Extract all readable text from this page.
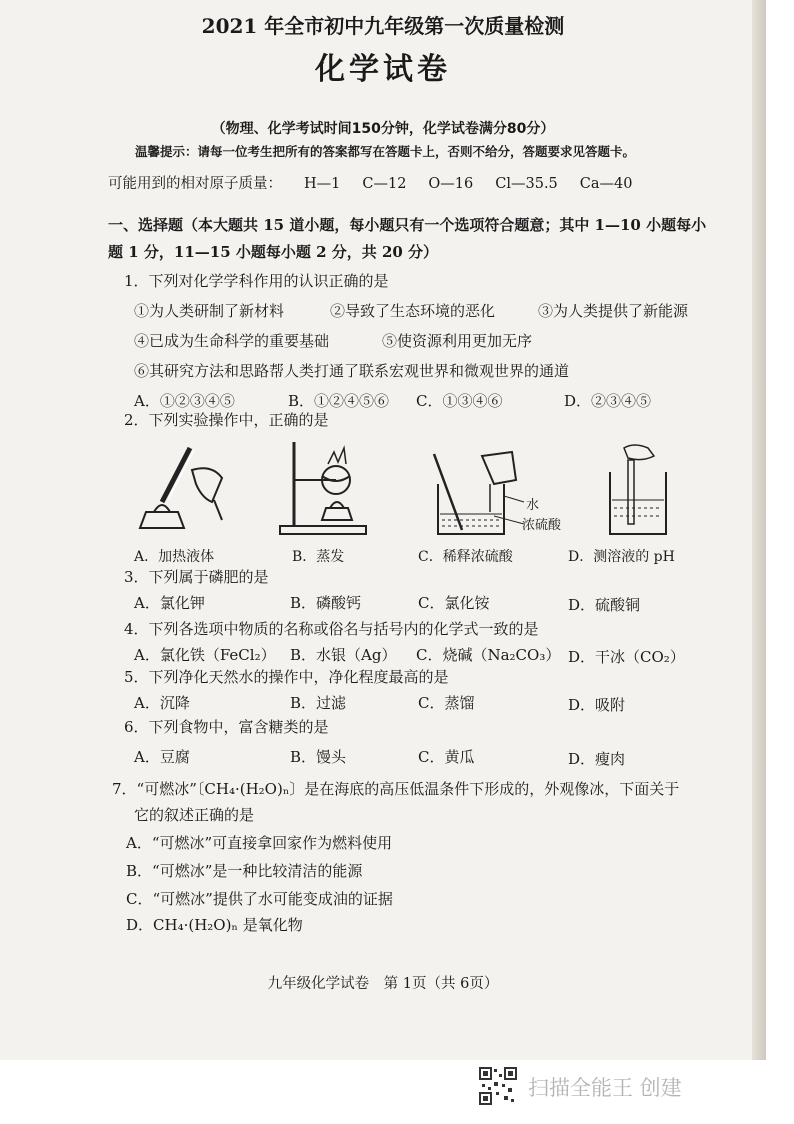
2021 年全市初中九年级第一次质量检测
化学试卷
（物理、化学考试时间150分钟，化学试卷满分80分）
温馨提示：请每一位考生把所有的答案都写在答题卡上，否则不给分，答题要求见答题卡。
可能用到的相对原子质量： H—1 C—12 O—16 Cl—35.5 Ca—40
一、选择题（本大题共 15 道小题，每小题只有一个选项符合题意；其中 1—10 小题每小题 1 分，11—15 小题每小题 2 分，共 20 分）
1．下列对化学学科作用的认识正确的是
①为人类研制了新材料	②导致了生态环境的恶化	③为人类提供了新能源
④已成为生命科学的重要基础	⑤使资源利用更加无序
⑥其研究方法和思路帮人类打通了联系宏观世界和微观世界的通道
A．①②③④⑤	B．①②④⑤⑥ C．①③④⑥	D．②③④⑤
2．下列实验操作中，正确的是
水
浓硫酸
A．加热液体	B．蒸发	C．稀释浓硫酸	D．测溶液的 pH
3．下列属于磷肥的是
A．氯化钾	B．磷酸钙	C．氯化铵	D．硫酸铜
4．下列各选项中物质的名称或俗名与括号内的化学式一致的是
A．氯化铁（FeCl₂） B．水银（Ag） C．烧碱（Na₂CO₃） D．干冰（CO₂）
5．下列净化天然水的操作中，净化程度最高的是
A．沉降	B．过滤	C．蒸馏	D．吸附
6．下列食物中，富含糖类的是
A．豆腐	B．馒头	C．黄瓜	D．瘦肉
7．“可燃冰”〔CH₄·(H₂O)ₙ〕是在海底的高压低温条件下形成的，外观像冰，下面关于
它的叙述正确的是
A．“可燃冰”可直接拿回家作为燃料使用
B．“可燃冰”是一种比较清洁的能源
C．“可燃冰”提供了水可能变成油的证据
D．CH₄·(H₂O)ₙ 是氧化物
九年级化学试卷　第 1页（共 6页）
扫描全能王 创建
